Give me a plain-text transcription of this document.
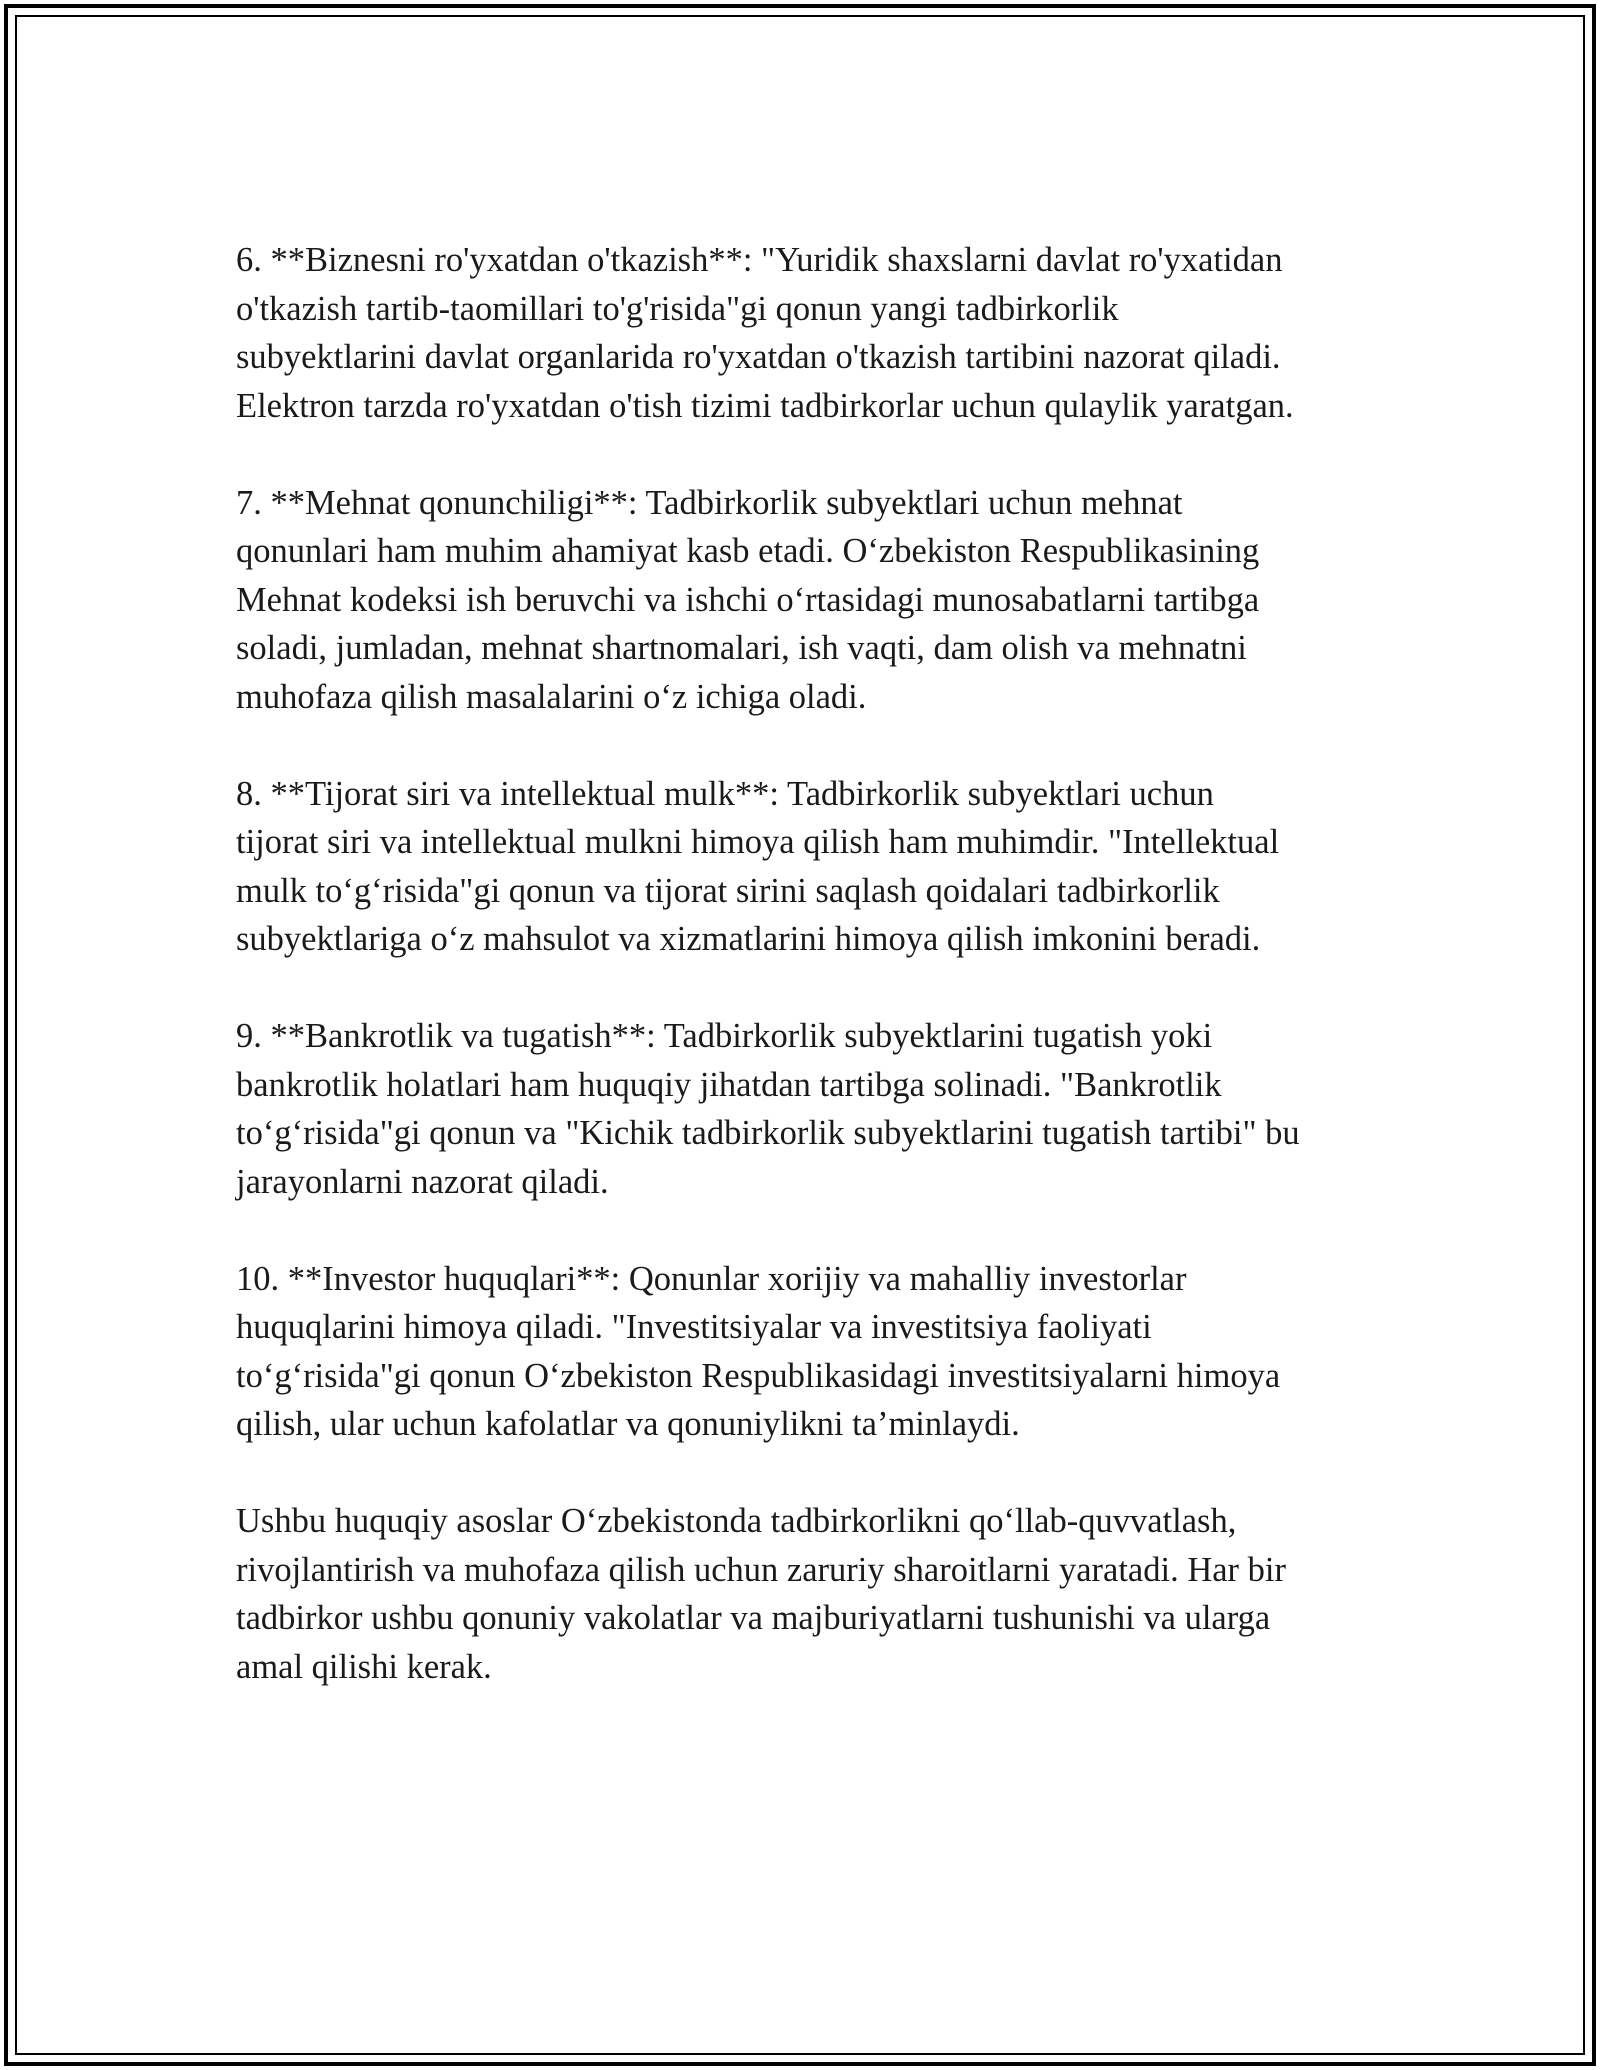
6. **Biznesni ro'yxatdan o'tkazish**: "Yuridik shaxslarni davlat ro'yxatidan
o'tkazish tartib-taomillari to'g'risida"gi qonun yangi tadbirkorlik
subyektlarini davlat organlarida ro'yxatdan o'tkazish tartibini nazorat qiladi.
Elektron tarzda ro'yxatdan o'tish tizimi tadbirkorlar uchun qulaylik yaratgan.

7. **Mehnat qonunchiligi**: Tadbirkorlik subyektlari uchun mehnat
qonunlari ham muhim ahamiyat kasb etadi. O‘zbekiston Respublikasining
Mehnat kodeksi ish beruvchi va ishchi o‘rtasidagi munosabatlarni tartibga
soladi, jumladan, mehnat shartnomalari, ish vaqti, dam olish va mehnatni
muhofaza qilish masalalarini o‘z ichiga oladi.

8. **Tijorat siri va intellektual mulk**: Tadbirkorlik subyektlari uchun
tijorat siri va intellektual mulkni himoya qilish ham muhimdir. "Intellektual
mulk to‘g‘risida"gi qonun va tijorat sirini saqlash qoidalari tadbirkorlik
subyektlariga o‘z mahsulot va xizmatlarini himoya qilish imkonini beradi.

9. **Bankrotlik va tugatish**: Tadbirkorlik subyektlarini tugatish yoki
bankrotlik holatlari ham huquqiy jihatdan tartibga solinadi. "Bankrotlik
to‘g‘risida"gi qonun va "Kichik tadbirkorlik subyektlarini tugatish tartibi" bu
jarayonlarni nazorat qiladi.

10. **Investor huquqlari**: Qonunlar xorijiy va mahalliy investorlar
huquqlarini himoya qiladi. "Investitsiyalar va investitsiya faoliyati
to‘g‘risida"gi qonun O‘zbekiston Respublikasidagi investitsiyalarni himoya
qilish, ular uchun kafolatlar va qonuniylikni ta’minlaydi.

Ushbu huquqiy asoslar O‘zbekistonda tadbirkorlikni qo‘llab-quvvatlash,
rivojlantirish va muhofaza qilish uchun zaruriy sharoitlarni yaratadi. Har bir
tadbirkor ushbu qonuniy vakolatlar va majburiyatlarni tushunishi va ularga
amal qilishi kerak.
